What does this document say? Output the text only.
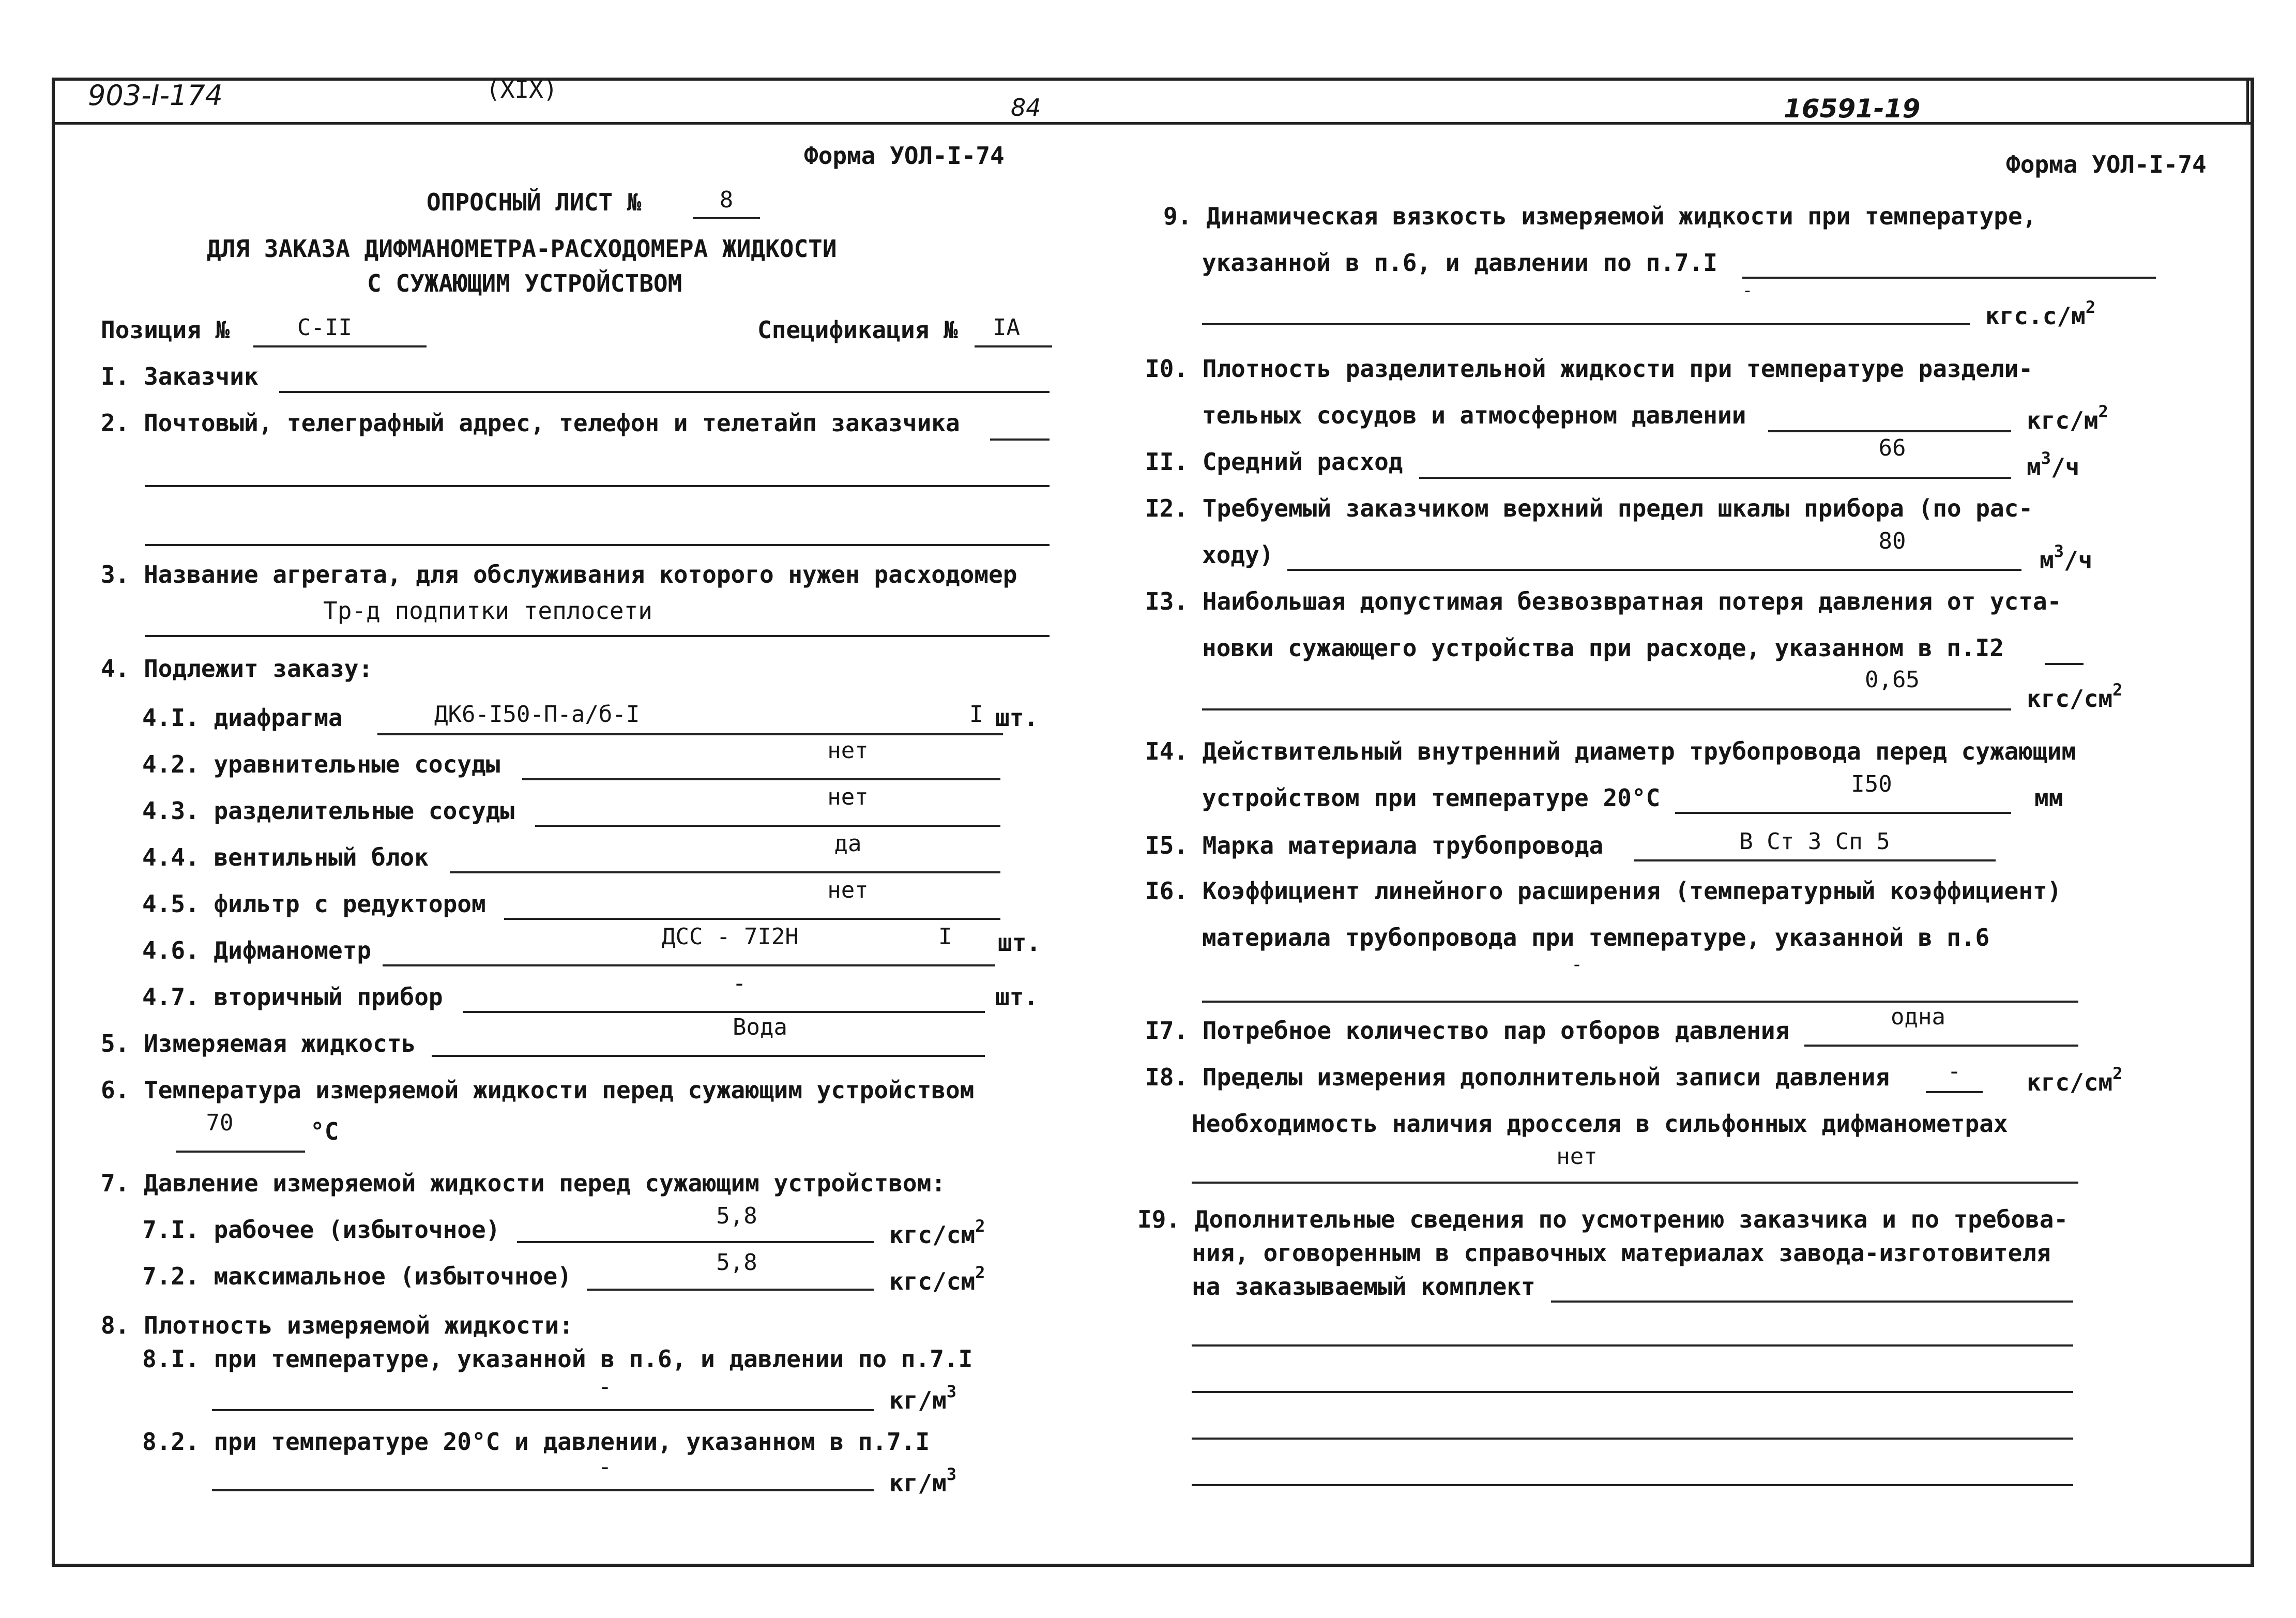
903-I-174	(XIX)
84	16591-19
Форма УОЛ-I-74	Форма УОЛ-I-74
ОПРОСНЫЙ ЛИСТ №	8
ДЛЯ ЗАКАЗА ДИФМАНОМЕТРА-РАСХОДОМЕРА ЖИДКОСТИ
С СУЖАЮЩИМ УСТРОЙСТВОМ
Позиция №	С-II	Спецификация № IA
I. Заказчик
2. Почтовый, телеграфный адрес, телефон и телетайп заказчика
3. Название агрегата, для обслуживания которого нужен расходомер
Тр-д подпитки теплосети
4. Подлежит заказу:
4.I. диафрагма	ДК6-I50-П-а/б-I	I шт.
4.2. уравнительные сосуды	нет
4.3. разделительные сосуды	нет
4.4. вентильный блок	да
4.5. фильтр с редуктором	нет
4.6. Дифманометр	ДСС - 7I2Н	I шт.
4.7. вторичный прибор	-	шт.
5. Измеряемая жидкость
Вода
6. Температура измеряемой жидкости перед сужающим устройством
70	°C
7. Давление измеряемой жидкости перед сужающим устройством:
7.I. рабочее (избыточное)	5,8
кгс/$см^2$
7.2. максимальное (избыточное)	5,8
кгс/$см^2$
8. Плотность измеряемой жидкости:
8.I. при температуре, указанной в п.6, и давлении по п.7.I
-	$кг/м^3$
8.2. при температуре 20°С и давлении, указанном в п.7.I
-
$кг/м^3$
9. Динамическая вязкость измеряемой жидкости при температуре,
указанной в п.6, и давлении по п.7.I
-
$кгс.с/м^2$
I0. Плотность разделительной жидкости при температуре раздели-
тельных сосудов и атмосферном давлении	кгс/$м^2$
II. Средний расход	66
$м^3/ч$
I2. Требуемый заказчиком верхний предел шкалы прибора (по рас-
ходу)	80
$м^3/ч$
I3. Наибольшая допустимая безвозвратная потеря давления от уста-
новки сужающего устройства при расходе, указанном в п.I2
0,65
кгс/$см^2$
I4. Действительный внутренний диаметр трубопровода перед сужающим
устройством при температуре 20°С	I50	мм
I5. Марка материала трубопровода	В Ст 3 Сп 5
I6. Коэффициент линейного расширения (температурный коэффициент)
материала трубопровода при температуре, указанной в п.6
-
I7. Потребное количество пар отборов давления	одна
I8. Пределы измерения дополнительной записи давления	-	кгс/$см^2$
Необходимость наличия дросселя в сильфонных дифманометрах
нет
I9. Дополнительные сведения по усмотрению заказчика и по требова-
ния, оговоренным в справочных материалах завода-изготовителя
на заказываемый комплект
